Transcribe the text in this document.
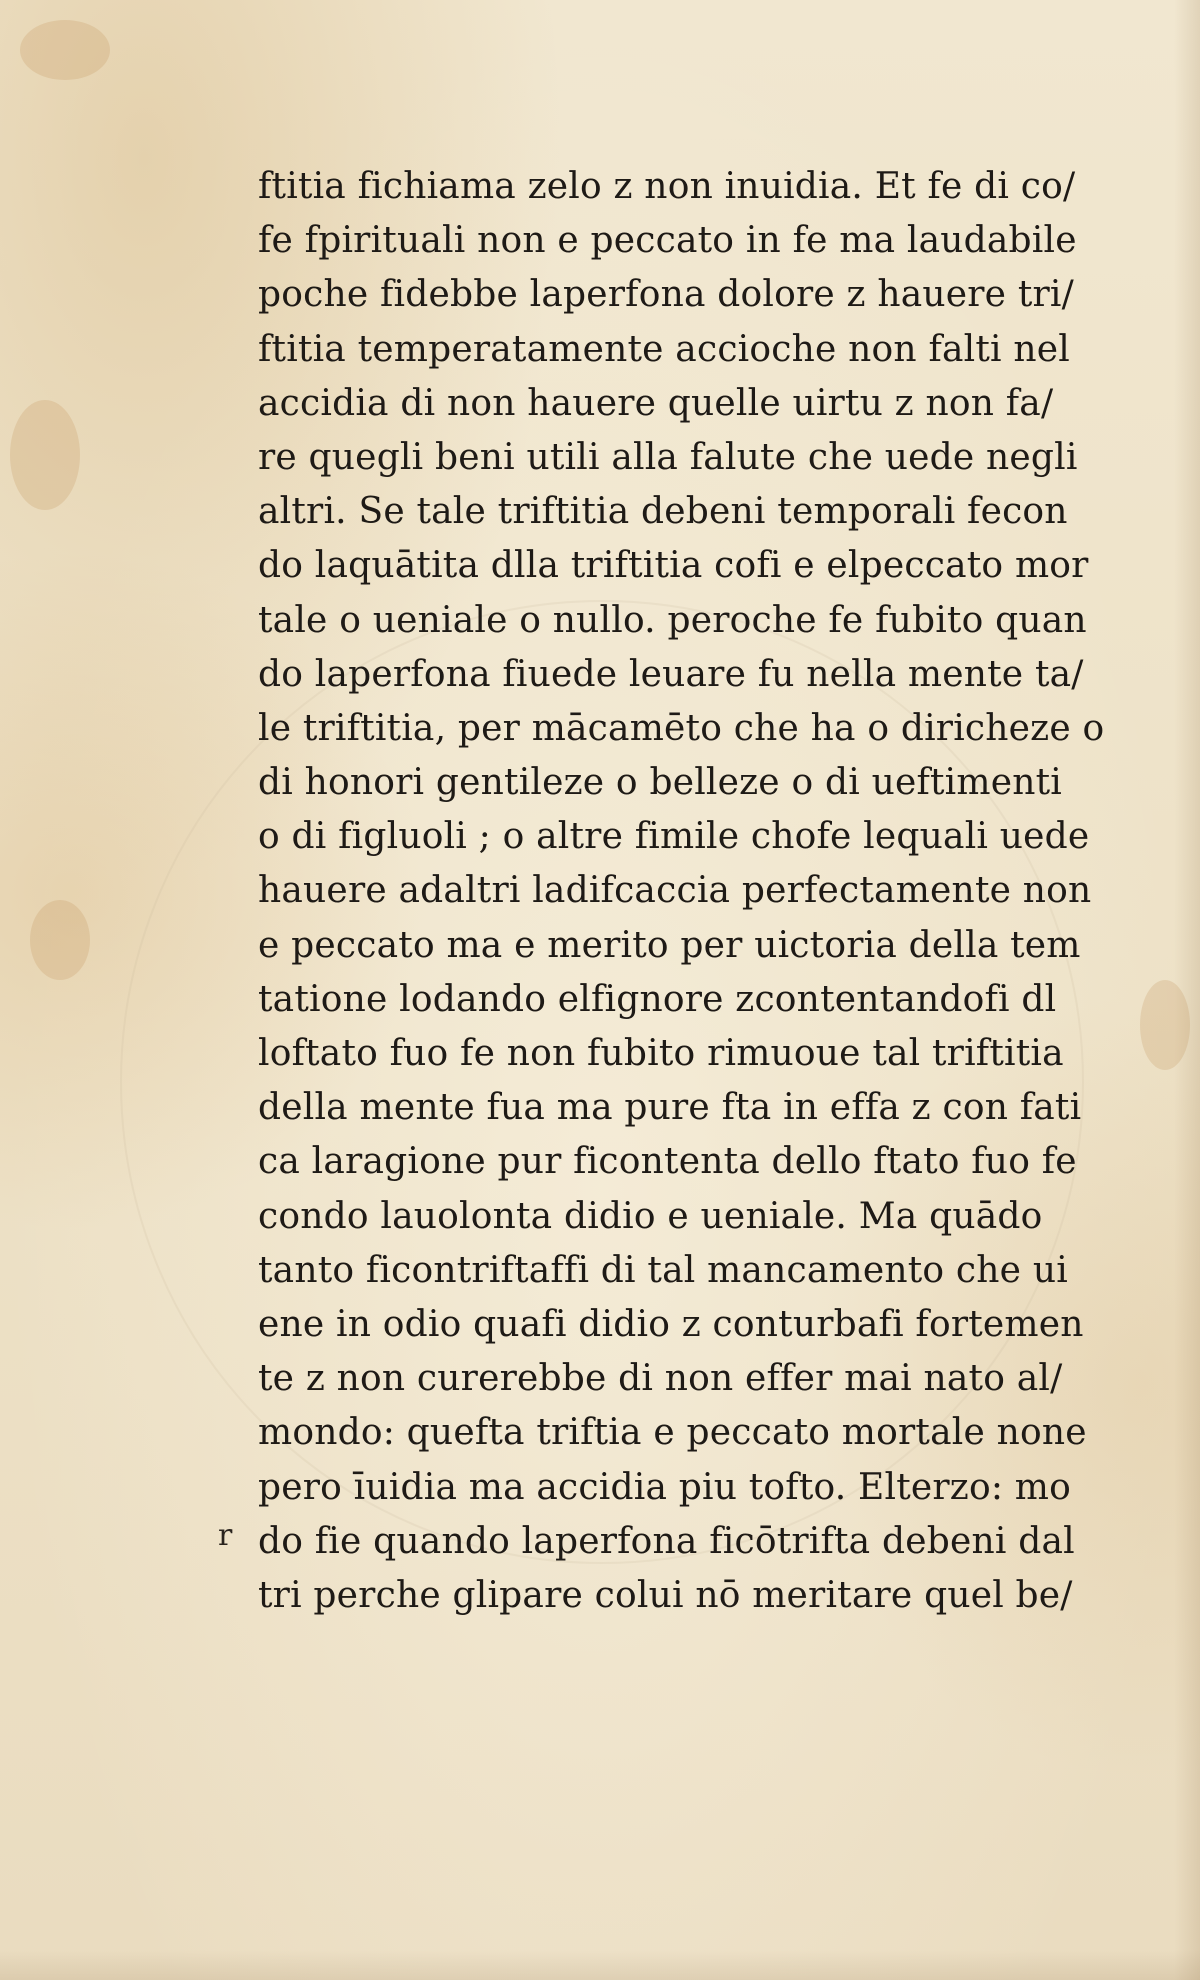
ftitia fichiama zelo z non inuidia. Et fe di co/
fe fpirituali non e peccato in fe ma laudabile
poche fidebbe laperfona dolore z hauere tri/
ftitia temperatamente accioche non falti nel
accidia di non hauere quelle uirtu z non fa/
re quegli beni utili alla falute che uede negli
altri. Se tale triftitia debeni temporali fecon
do laquātita dlla triftitia cofi e elpeccato mor
tale o ueniale o nullo. peroche fe fubito quan
do laperfona fiuede leuare fu nella mente ta/
le triftitia, per mācamēto che ha o diricheze o
di honori gentileze o belleze o di ueftimenti
o di figluoli ; o altre fimile chofe lequali uede
hauere adaltri ladifcaccia perfectamente non
e peccato ma e merito per uictoria della tem
tatione lodando elfignore zcontentandofi dl
loftato fuo fe non fubito rimuoue tal triftitia
della mente fua ma pure fta in effa z con fati
ca laragione pur ficontenta dello ftato fuo fe
condo lauolonta didio e ueniale. Ma quādo
tanto ficontriftaffi di tal mancamento che ui
ene in odio quafi didio z conturbafi fortemen
te z non curerebbe di non effer mai nato al/
mondo: quefta triftia e peccato mortale none
pero īuidia ma accidia piu tofto. Elterzo: mo
do fie quando laperfona ficōtrifta debeni dal
tri perche glipare colui nō meritare quel be/
r
